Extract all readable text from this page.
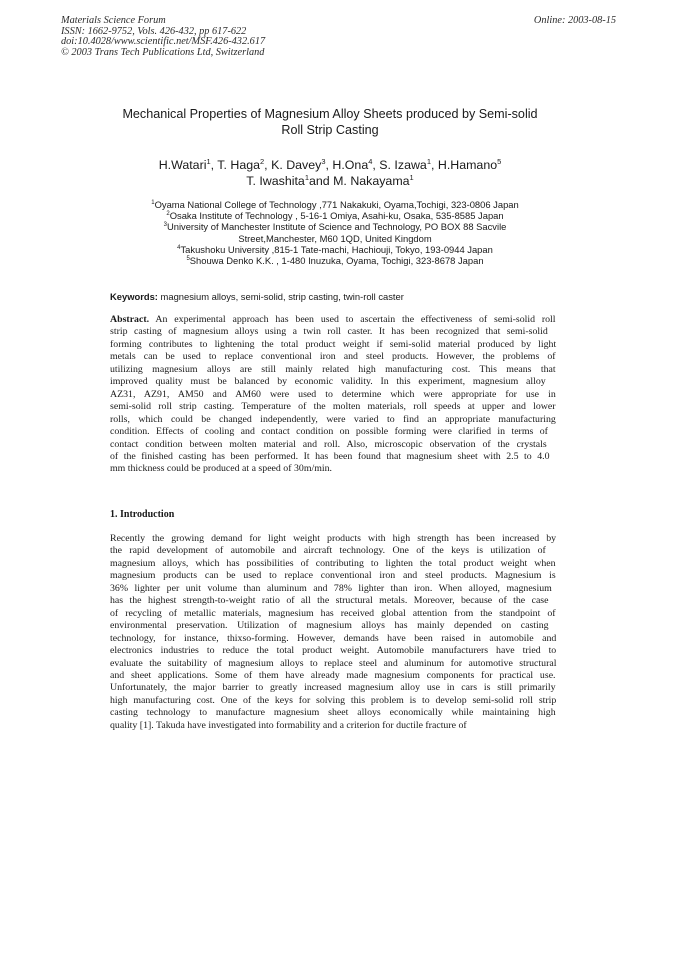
Materials Science Forum
ISSN: 1662-9752, Vols. 426-432, pp 617-622
doi:10.4028/www.scientific.net/MSF.426-432.617
© 2003 Trans Tech Publications Ltd, Switzerland
Online: 2003-08-15
Mechanical Properties of Magnesium Alloy Sheets produced by Semi-solid
Roll Strip Casting
H.Watari$^1$, T. Haga$^2$, K. Davey$^3$, H.Ona$^4$, S. Izawa$^1$, H.Hamano$^5$
T. Iwashita$^1$and M. Nakayama$^1$
$^1$Oyama National College of Technology ,771 Nakakuki, Oyama,Tochigi, 323-0806 Japan
$^2$Osaka Institute of Technology , 5-16-1 Omiya, Asahi-ku, Osaka, 535-8585 Japan
$^3$University of Manchester Institute of Science and Technology, PO BOX 88 Sacvile
Street,Manchester, M60 1QD, United Kingdom
$^4$Takushoku University ,815-1 Tate-machi, Hachiouji, Tokyo, 193-0944 Japan
$^5$Shouwa Denko K.K. , 1-480 Inuzuka, Oyama, Tochigi, 323-8678 Japan
Keywords: magnesium alloys, semi-solid, strip casting, twin-roll caster
Abstract. An experimental approach has been used to ascertain the effectiveness of semi-solid roll
strip casting of magnesium alloys using a twin roll caster. It has been recognized that semi-solid
forming contributes to lightening the total product weight if semi-solid material produced by light
metals can be used to replace conventional iron and steel products. However, the problems of
utilizing magnesium alloys are still mainly related high manufacturing cost. This means that
improved quality must be balanced by economic validity. In this experiment, magnesium alloy
AZ31, AZ91, AM50 and AM60 were used to determine which were appropriate for use in
semi-solid roll strip casting. Temperature of the molten materials, roll speeds at upper and lower
rolls, which could be changed independently, were varied to find an appropriate manufacturing
condition. Effects of cooling and contact condition on possible forming were clarified in terms of
contact condition between molten material and roll. Also, microscopic observation of the crystals
of the finished casting has been performed. It has been found that magnesium sheet with 2.5 to 4.0
mm thickness could be produced at a speed of 30m/min.
1. Introduction
Recently the growing demand for light weight products with high strength has been increased by
the rapid development of automobile and aircraft technology. One of the keys is utilization of
magnesium alloys, which has possibilities of contributing to lighten the total product weight when
magnesium products can be used to replace conventional iron and steel products. Magnesium is
36% lighter per unit volume than aluminum and 78% lighter than iron. When alloyed, magnesium
has the highest strength-to-weight ratio of all the structural metals. Moreover, because of the case
of recycling of metallic materials, magnesium has received global attention from the standpoint of
environmental preservation. Utilization of magnesium alloys has mainly depended on casting
technology, for instance, thixso-forming. However, demands have been raised in automobile and
electronics industries to reduce the total product weight. Automobile manufacturers have tried to
evaluate the suitability of magnesium alloys to replace steel and aluminum for automotive structural
and sheet applications. Some of them have already made magnesium components for practical use.
Unfortunately, the major barrier to greatly increased magnesium alloy use in cars is still primarily
high manufacturing cost. One of the keys for solving this problem is to develop semi-solid roll strip
casting technology to manufacture magnesium sheet alloys economically while maintaining high
quality [1]. Takuda have investigated into formability and a criterion for ductile fracture of
